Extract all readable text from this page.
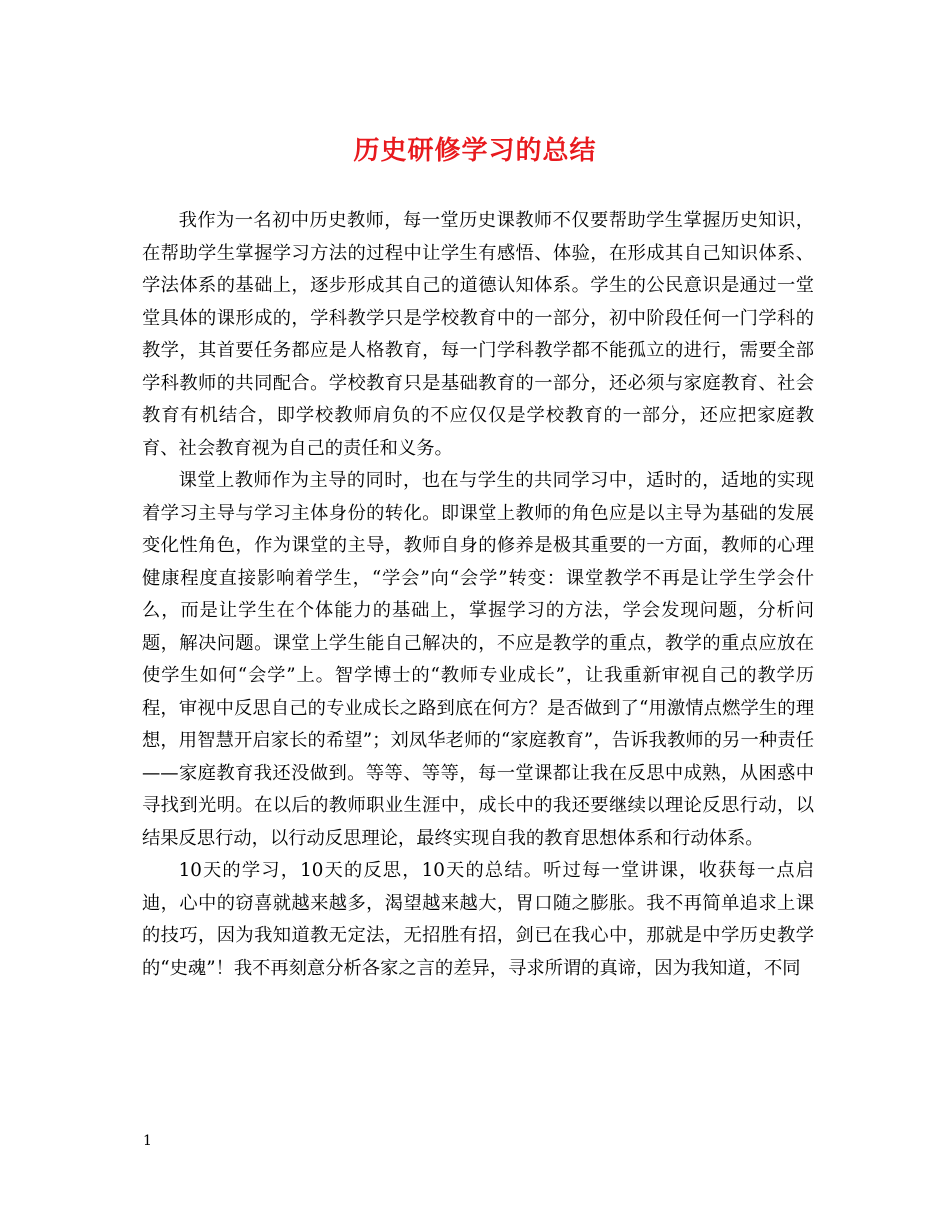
历史研修学习的总结

我作为一名初中历史教师，每一堂历史课教师不仅要帮助学生掌握历史知识，在帮助学生掌握学习方法的过程中让学生有感悟、体验，在形成其自己知识体系、学法体系的基础上，逐步形成其自己的道德认知体系。学生的公民意识是通过一堂堂具体的课形成的，学科教学只是学校教育中的一部分，初中阶段任何一门学科的教学，其首要任务都应是人格教育，每一门学科教学都不能孤立的进行，需要全部学科教师的共同配合。学校教育只是基础教育的一部分，还必须与家庭教育、社会教育有机结合，即学校教师肩负的不应仅仅是学校教育的一部分，还应把家庭教育、社会教育视为自己的责任和义务。

课堂上教师作为主导的同时，也在与学生的共同学习中，适时的，适地的实现着学习主导与学习主体身份的转化。即课堂上教师的角色应是以主导为基础的发展变化性角色，作为课堂的主导，教师自身的修养是极其重要的一方面，教师的心理健康程度直接影响着学生，“学会”向“会学”转变：课堂教学不再是让学生学会什么，而是让学生在个体能力的基础上，掌握学习的方法，学会发现问题，分析问题，解决问题。课堂上学生能自己解决的，不应是教学的重点，教学的重点应放在使学生如何“会学”上。智学博士的“教师专业成长”，让我重新审视自己的教学历程，审视中反思自己的专业成长之路到底在何方？是否做到了“用激情点燃学生的理想，用智慧开启家长的希望”；刘凤华老师的“家庭教育”，告诉我教师的另一种责任——家庭教育我还没做到。等等、等等，每一堂课都让我在反思中成熟，从困惑中寻找到光明。在以后的教师职业生涯中，成长中的我还要继续以理论反思行动，以结果反思行动，以行动反思理论，最终实现自我的教育思想体系和行动体系。

10天的学习，10天的反思，10天的总结。听过每一堂讲课，收获每一点启迪，心中的窃喜就越来越多，渴望越来越大，胃口随之膨胀。我不再简单追求上课的技巧，因为我知道教无定法，无招胜有招，剑已在我心中，那就是中学历史教学的“史魂”！我不再刻意分析各家之言的差异，寻求所谓的真谛，因为我知道，不同

1
